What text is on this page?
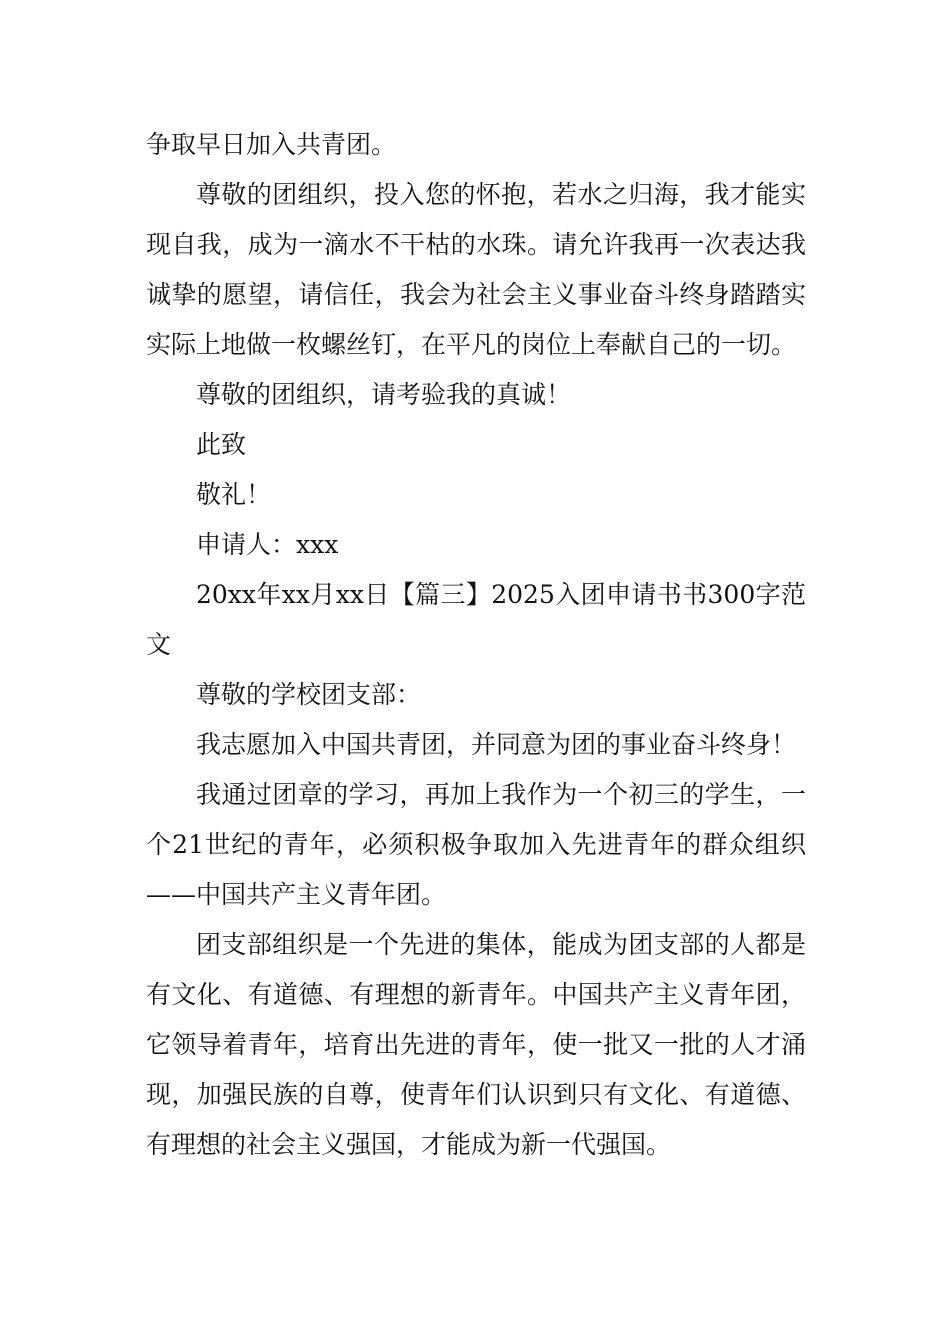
争取早日加入共青团。

尊敬的团组织，投入您的怀抱，若水之归海，我才能实现自我，成为一滴水不干枯的水珠。请允许我再一次表达我诚挚的愿望，请信任，我会为社会主义事业奋斗终身踏踏实实际上地做一枚螺丝钉，在平凡的岗位上奉献自己的一切。

尊敬的团组织，请考验我的真诚！

此致

敬礼！

申请人：xxx

20xx年xx月xx日【篇三】2025入团申请书书300字范文

尊敬的学校团支部：

我志愿加入中国共青团，并同意为团的事业奋斗终身！

我通过团章的学习，再加上我作为一个初三的学生，一个21世纪的青年，必须积极争取加入先进青年的群众组织——中国共产主义青年团。

团支部组织是一个先进的集体，能成为团支部的人都是有文化、有道德、有理想的新青年。中国共产主义青年团，它领导着青年，培育出先进的青年，使一批又一批的人才涌现，加强民族的自尊，使青年们认识到只有文化、有道德、有理想的社会主义强国，才能成为新一代强国。
